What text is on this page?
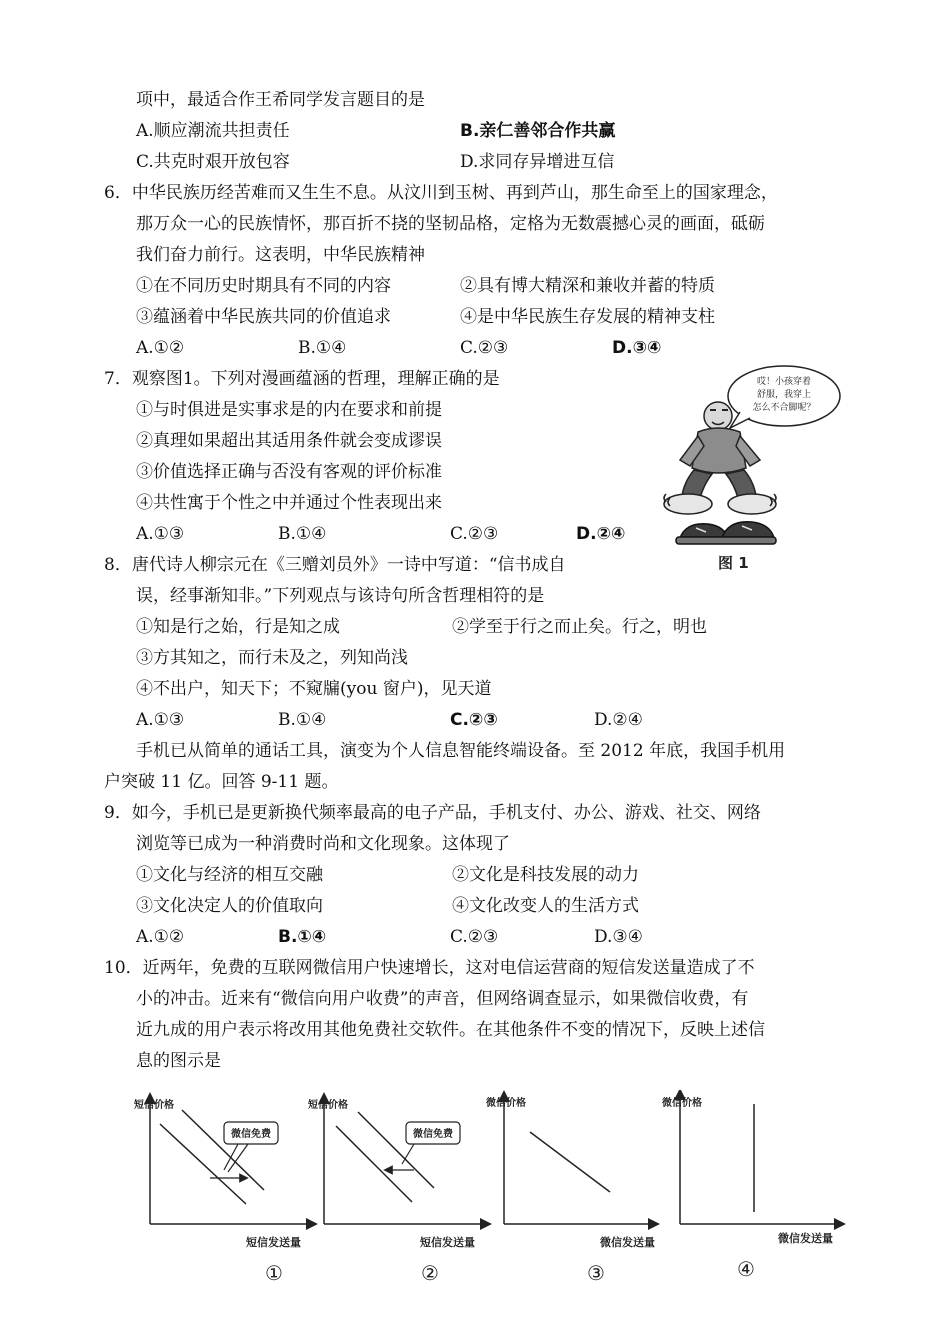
项中，最适合作王希同学发言题目的是
A.顺应潮流共担责任	B.亲仁善邻合作共赢
C.共克时艰开放包容	D.求同存异增进互信
6．中华民族历经苦难而又生生不息。从汶川到玉树、再到芦山，那生命至上的国家理念，
那万众一心的民族情怀，那百折不挠的坚韧品格，定格为无数震撼心灵的画面，砥砺
我们奋力前行。这表明，中华民族精神
①在不同历史时期具有不同的内容	②具有博大精深和兼收并蓄的特质
③蕴涵着中华民族共同的价值追求	④是中华民族生存发展的精神支柱
A.①②	B.①④	C.②③	D.③④
7．观察图1。下列对漫画蕴涵的哲理，理解正确的是
①与时俱进是实事求是的内在要求和前提
②真理如果超出其适用条件就会变成谬误
③价值选择正确与否没有客观的评价标准
④共性寓于个性之中并通过个性表现出来
A.①③	B.①④	C.②③	D.②④
哎！小孩穿着
舒服，我穿上
怎么不合脚呢？
图 1
8．唐代诗人柳宗元在《三赠刘员外》一诗中写道：“信书成自
误，经事渐知非。”下列观点与该诗句所含哲理相符的是
①知是行之始，行是知之成	②学至于行之而止矣。行之，明也
③方其知之，而行未及之，列知尚浅
④不出户，知天下；不窥牖(you 窗户)，见天道
A.①③	B.①④	C.②③	D.②④
手机已从简单的通话工具，演变为个人信息智能终端设备。至 2012 年底，我国手机用
户突破 11 亿。回答 9-11 题。
9．如今，手机已是更新换代频率最高的电子产品，手机支付、办公、游戏、社交、网络
浏览等已成为一种消费时尚和文化现象。这体现了
①文化与经济的相互交融	②文化是科技发展的动力
③文化决定人的价值取向	④文化改变人的生活方式
A.①②	B.①④	C.②③	D.③④
10．近两年，免费的互联网微信用户快速增长，这对电信运营商的短信发送量造成了不
小的冲击。近来有“微信向用户收费”的声音，但网络调查显示，如果微信收费，有
近九成的用户表示将改用其他免费社交软件。在其他条件不变的情况下，反映上述信
息的图示是
短信价格
短信发送量
微信免费
①
短信价格
短信发送量
微信免费
②
微信价格
微信发送量
③
微信价格
微信发送量
④
